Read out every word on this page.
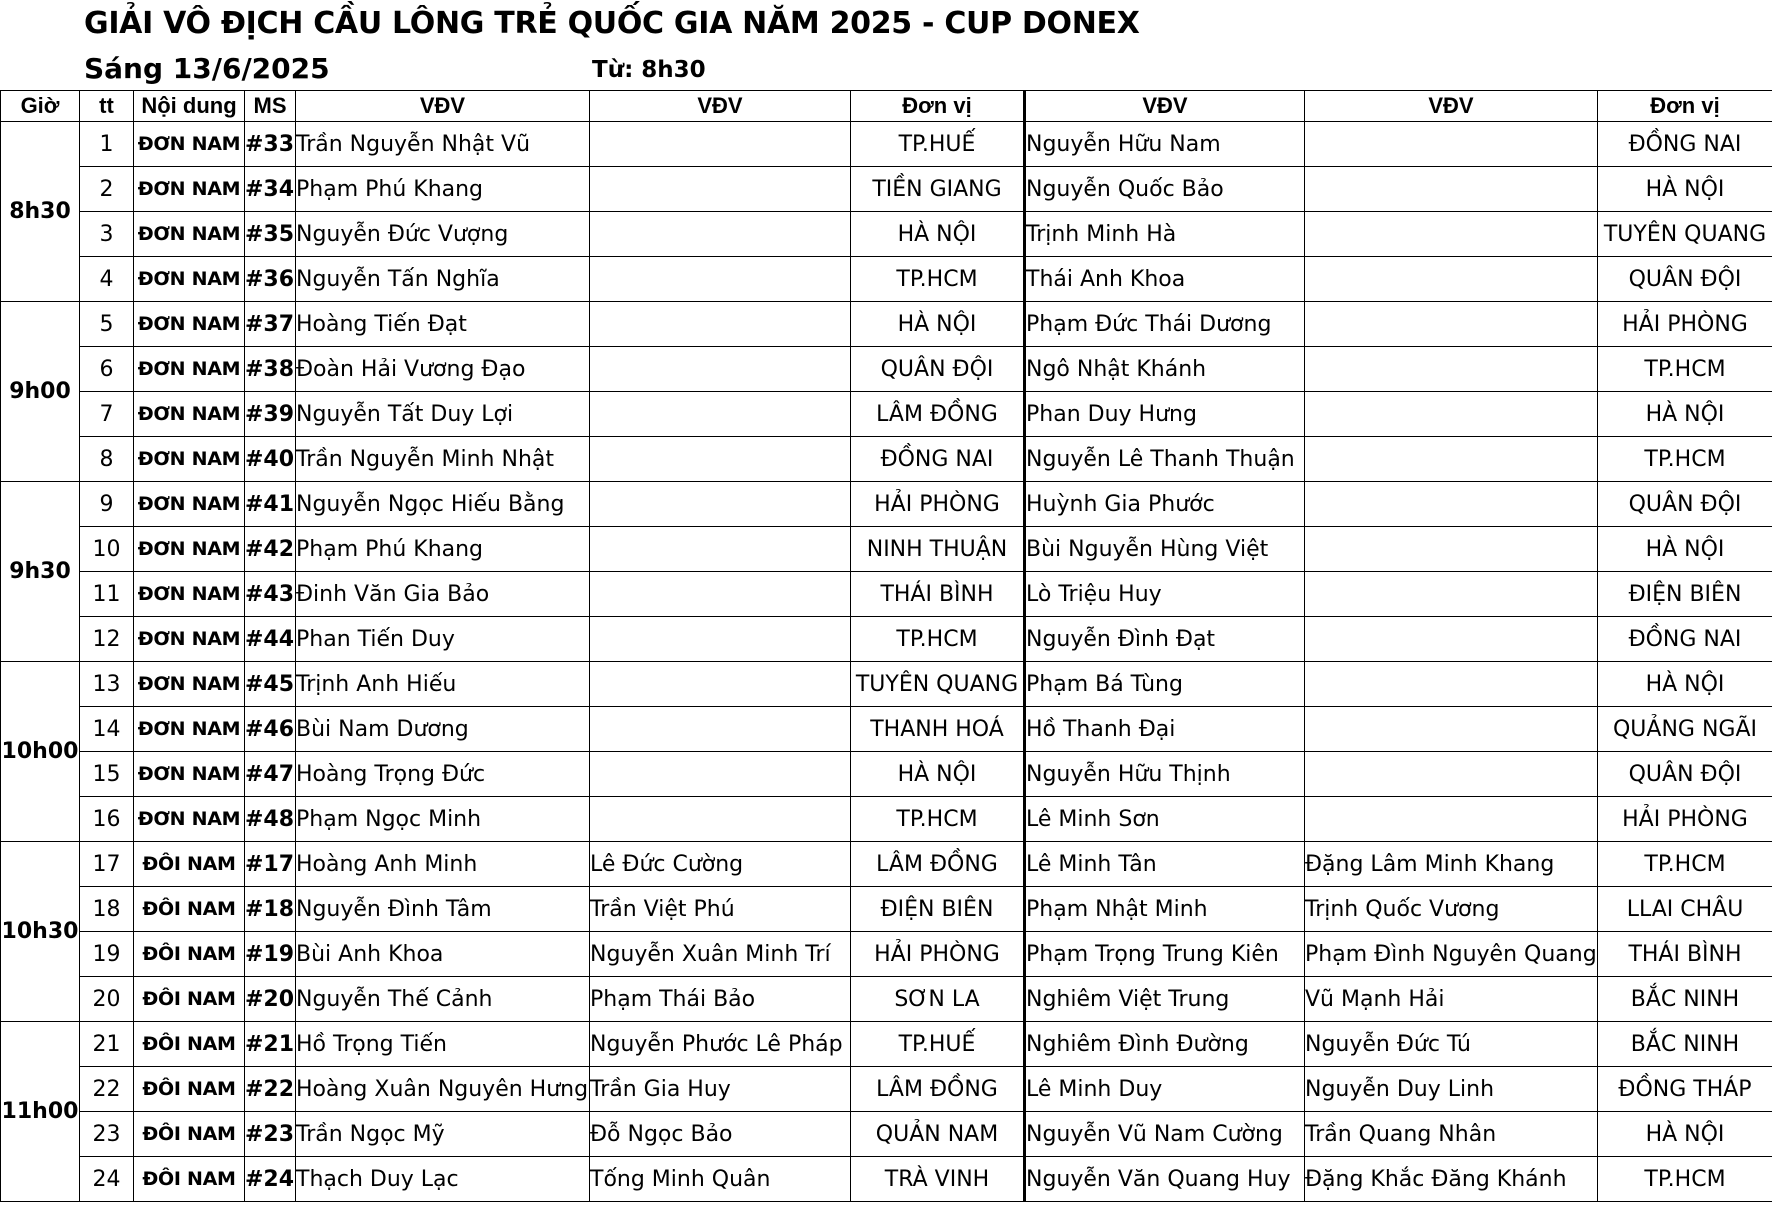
GIẢI VÔ ĐỊCH CẦU LÔNG TRẺ QUỐC GIA NĂM 2025 - CUP DONEX
Sáng 13/6/2025	Từ: 8h30
Giờ	tt	Nội dung	MS	VĐV	VĐV	Đơn vị	VĐV	VĐV	Đơn vị
8h30	1	ĐƠN NAM	#33	Trần Nguyễn Nhật Vũ		TP.HUẾ	Nguyễn Hữu Nam		ĐỒNG NAI
	2	ĐƠN NAM	#34	Phạm Phú Khang		TIỀN GIANG	Nguyễn Quốc Bảo		HÀ NỘI
	3	ĐƠN NAM	#35	Nguyễn Đức Vượng		HÀ NỘI	Trịnh Minh Hà		TUYÊN QUANG
	4	ĐƠN NAM	#36	Nguyễn Tấn Nghĩa		TP.HCM	Thái Anh Khoa		QUÂN ĐỘI
9h00	5	ĐƠN NAM	#37	Hoàng Tiến Đạt		HÀ NỘI	Phạm Đức Thái Dương		HẢI PHÒNG
	6	ĐƠN NAM	#38	Đoàn Hải Vương Đạo		QUÂN ĐỘI	Ngô Nhật Khánh		TP.HCM
	7	ĐƠN NAM	#39	Nguyễn Tất Duy Lợi		LÂM ĐỒNG	Phan Duy Hưng		HÀ NỘI
	8	ĐƠN NAM	#40	Trần Nguyễn Minh Nhật		ĐỒNG NAI	Nguyễn Lê Thanh Thuận		TP.HCM
9h30	9	ĐƠN NAM	#41	Nguyễn Ngọc Hiếu Bằng		HẢI PHÒNG	Huỳnh Gia Phước		QUÂN ĐỘI
	10	ĐƠN NAM	#42	Phạm Phú Khang		NINH THUẬN	Bùi Nguyễn Hùng Việt		HÀ NỘI
	11	ĐƠN NAM	#43	Đinh Văn Gia Bảo		THÁI BÌNH	Lò Triệu Huy		ĐIỆN BIÊN
	12	ĐƠN NAM	#44	Phan Tiến Duy		TP.HCM	Nguyễn Đình Đạt		ĐỒNG NAI
10h00	13	ĐƠN NAM	#45	Trịnh Anh Hiếu		TUYÊN QUANG	Phạm Bá Tùng		HÀ NỘI
	14	ĐƠN NAM	#46	Bùi Nam Dương		THANH HOÁ	Hồ Thanh Đại		QUẢNG NGÃI
	15	ĐƠN NAM	#47	Hoàng Trọng Đức		HÀ NỘI	Nguyễn Hữu Thịnh		QUÂN ĐỘI
	16	ĐƠN NAM	#48	Phạm Ngọc Minh		TP.HCM	Lê Minh Sơn		HẢI PHÒNG
10h30	17	ĐÔI NAM	#17	Hoàng Anh Minh	Lê Đức Cường	LÂM ĐỒNG	Lê Minh Tân	Đặng Lâm Minh Khang	TP.HCM
	18	ĐÔI NAM	#18	Nguyễn Đình Tâm	Trần Việt Phú	ĐIỆN BIÊN	Phạm Nhật Minh	Trịnh Quốc Vương	LLAI CHÂU
	19	ĐÔI NAM	#19	Bùi Anh Khoa	Nguyễn Xuân Minh Trí	HẢI PHÒNG	Phạm Trọng Trung Kiên	Phạm Đình Nguyên Quang	THÁI BÌNH
	20	ĐÔI NAM	#20	Nguyễn Thế Cảnh	Phạm Thái Bảo	SƠN LA	Nghiêm Việt Trung	Vũ Mạnh Hải	BẮC NINH
11h00	21	ĐÔI NAM	#21	Hồ Trọng Tiến	Nguyễn Phước Lê Pháp	TP.HUẾ	Nghiêm Đình Đường	Nguyễn Đức Tú	BẮC NINH
	22	ĐÔI NAM	#22	Hoàng Xuân Nguyên Hưng	Trần Gia Huy	LÂM ĐỒNG	Lê Minh Duy	Nguyễn Duy Linh	ĐỒNG THÁP
	23	ĐÔI NAM	#23	Trần Ngọc Mỹ	Đỗ Ngọc Bảo	QUẢN NAM	Nguyễn Vũ Nam Cường	Trần Quang Nhân	HÀ NỘI
	24	ĐÔI NAM	#24	Thạch Duy Lạc	Tống Minh Quân	TRÀ VINH	Nguyễn Văn Quang Huy	Đặng Khắc Đăng Khánh	TP.HCM
